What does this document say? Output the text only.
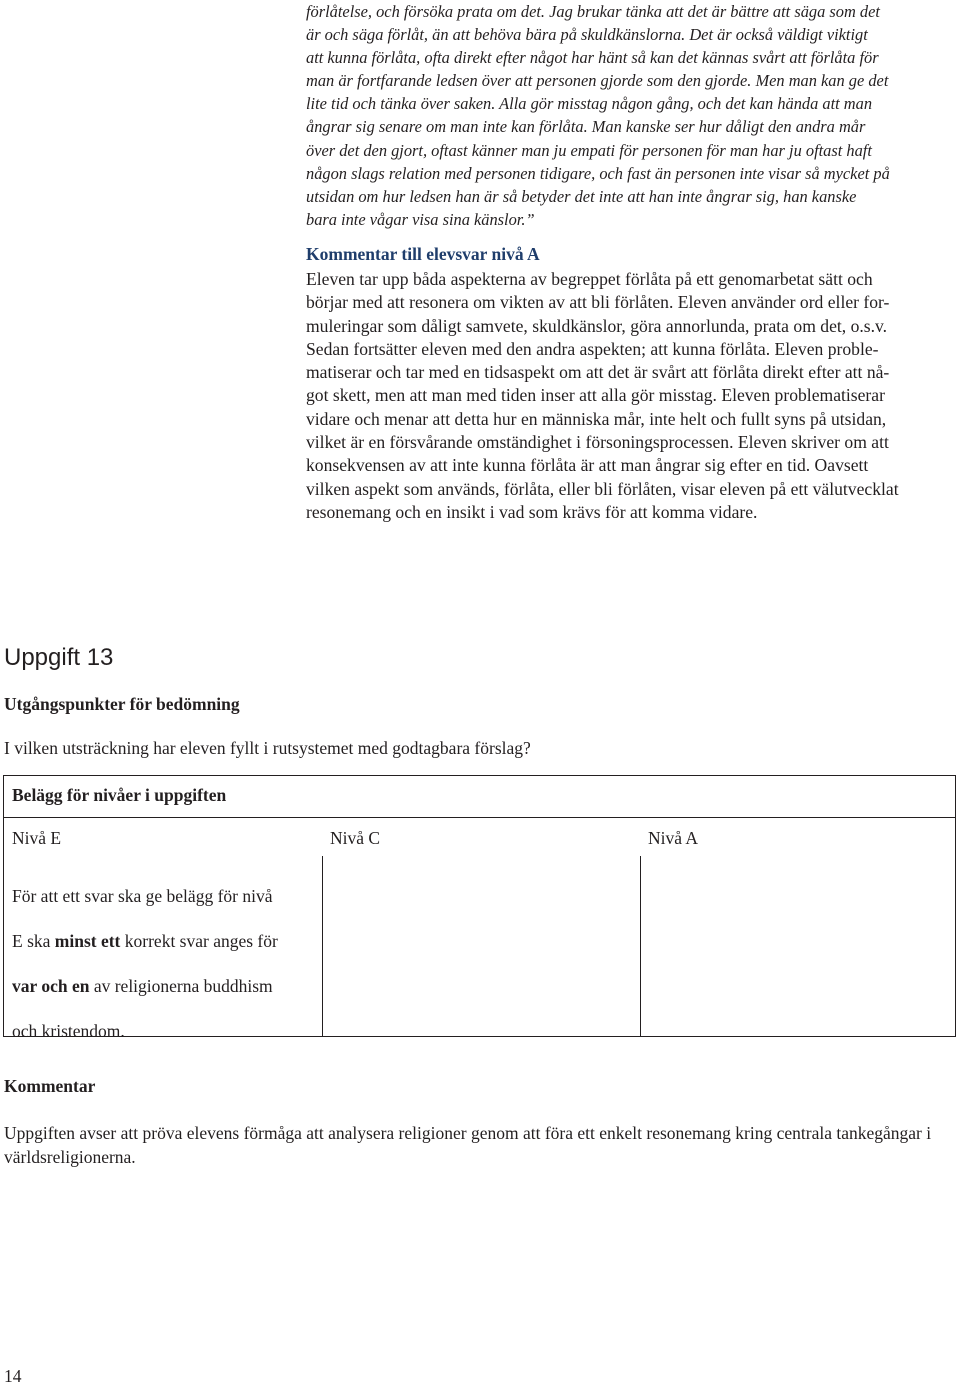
förlåtelse, och försöka prata om det. Jag brukar tänka att det är bättre att säga som det
är och säga förlåt, än att behöva bära på skuldkänslorna. Det är också väldigt viktigt
att kunna förlåta, ofta direkt efter något har hänt så kan det kännas svårt att förlåta för
man är fortfarande ledsen över att personen gjorde som den gjorde. Men man kan ge det
lite tid och tänka över saken. Alla gör misstag någon gång, och det kan hända att man
ångrar sig senare om man inte kan förlåta. Man kanske ser hur dåligt den andra mår
över det den gjort, oftast känner man ju empati för personen för man har ju oftast haft
någon slags relation med personen tidigare, och fast än personen inte visar så mycket på
utsidan om hur ledsen han är så betyder det inte att han inte ångrar sig, han kanske
bara inte vågar visa sina känslor.”
Kommentar till elevsvar nivå A
Eleven tar upp båda aspekterna av begreppet förlåta på ett genomarbetat sätt och
börjar med att resonera om vikten av att bli förlåten. Eleven använder ord eller for-
muleringar som dåligt samvete, skuldkänslor, göra annorlunda, prata om det, o.s.v.
Sedan fortsätter eleven med den andra aspekten; att kunna förlåta. Eleven proble-
matiserar och tar med en tidsaspekt om att det är svårt att förlåta direkt efter att nå-
got skett, men att man med tiden inser att alla gör misstag. Eleven problematiserar
vidare och menar att detta hur en människa mår, inte helt och fullt syns på utsidan,
vilket är en försvårande omständighet i försoningsprocessen. Eleven skriver om att
konsekvensen av att inte kunna förlåta är att man ångrar sig efter en tid. Oavsett
vilken aspekt som används, förlåta, eller bli förlåten, visar eleven på ett välutvecklat
resonemang och en insikt i vad som krävs för att komma vidare.
Uppgift 13
Utgångspunkter för bedömning

I vilken utsträckning har eleven fyllt i rutsystemet med godtagbara förslag?

Belägg för nivåer i uppgiften
Nivå E	Nivå C	Nivå A
För att ett svar ska ge belägg för nivå
E ska minst ett korrekt svar anges för
var och en av religionerna buddhism
och kristendom.
Kommentar

Uppgiften avser att pröva elevens förmåga att analysera religioner genom att föra ett enkelt resonemang kring centrala tankegångar i världsreligionerna.

14
